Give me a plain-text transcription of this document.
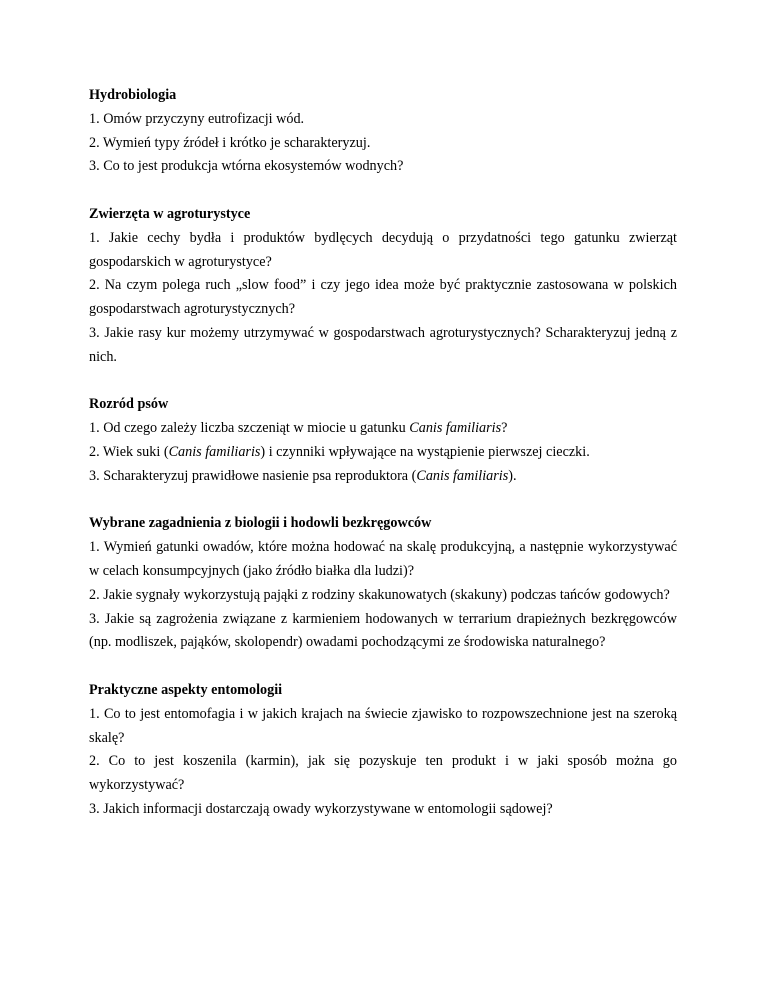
Hydrobiologia

1. Omów przyczyny eutrofizacji wód.

2. Wymień typy źródeł i krótko je scharakteryzuj.

3. Co to jest produkcja wtórna ekosystemów wodnych?

Zwierzęta w agroturystyce

1. Jakie cechy bydła i produktów bydlęcych decydują o przydatności tego gatunku zwierząt gospodarskich w agroturystyce?

2. Na czym polega ruch „slow food” i czy jego idea może być praktycznie zastosowana w polskich gospodarstwach agroturystycznych?

3. Jakie rasy kur możemy utrzymywać w gospodarstwach agroturystycznych? Scharakteryzuj jedną z nich.

Rozród psów

1. Od czego zależy liczba szczeniąt w miocie u gatunku Canis familiaris?

2. Wiek suki (Canis familiaris) i czynniki wpływające na wystąpienie pierwszej cieczki.

3. Scharakteryzuj prawidłowe nasienie psa reproduktora (Canis familiaris).

Wybrane zagadnienia z biologii i hodowli bezkręgowców

1. Wymień gatunki owadów, które można hodować na skalę produkcyjną, a następnie wykorzystywać w celach konsumpcyjnych (jako źródło białka dla ludzi)?

2. Jakie sygnały wykorzystują pająki z rodziny skakunowatych (skakuny) podczas tańców godowych?

3. Jakie są zagrożenia związane z karmieniem hodowanych w terrarium drapieżnych bezkręgowców (np. modliszek, pająków, skolopendr) owadami pochodzącymi ze środowiska naturalnego?

Praktyczne aspekty entomologii

1. Co to jest entomofagia i w jakich krajach na świecie zjawisko to rozpowszechnione jest na szeroką skalę?

2. Co to jest koszenila (karmin), jak się pozyskuje ten produkt i w jaki sposób można go wykorzystywać?

3. Jakich informacji dostarczają owady wykorzystywane w entomologii sądowej?
